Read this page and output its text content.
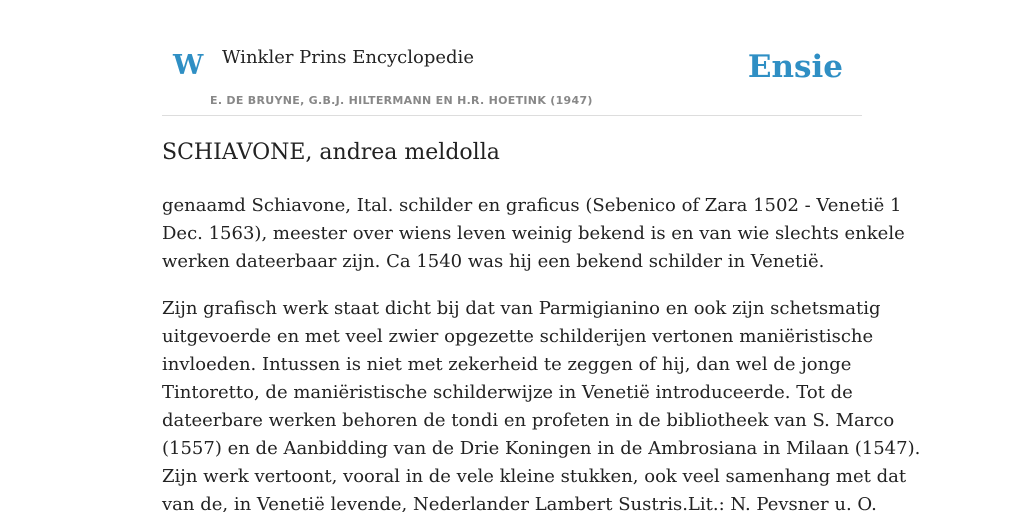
W Winkler Prins Encyclopedie
E. DE BRUYNE, G.B.J. HILTERMANN EN H.R. HOETINK (1947)
Ensie
SCHIAVONE, andrea meldolla

genaamd Schiavone, Ital. schilder en graficus (Sebenico of Zara 1502 - Venetië 1
Dec. 1563), meester over wiens leven weinig bekend is en van wie slechts enkele
werken dateerbaar zijn. Ca 1540 was hij een bekend schilder in Venetië.

Zijn grafisch werk staat dicht bij dat van Parmigianino en ook zijn schetsmatig
uitgevoerde en met veel zwier opgezette schilderijen vertonen maniëristische
invloeden. Intussen is niet met zekerheid te zeggen of hij, dan wel de jonge
Tintoretto, de maniëristische schilderwijze in Venetië introduceerde. Tot de
dateerbare werken behoren de tondi en profeten in de bibliotheek van S. Marco
(1557) en de Aanbidding van de Drie Koningen in de Ambrosiana in Milaan (1547).
Zijn werk vertoont, vooral in de vele kleine stukken, ook veel samenhang met dat
van de, in Venetië levende, Nederlander Lambert Sustris.Lit.: N. Pevsner u. O.
